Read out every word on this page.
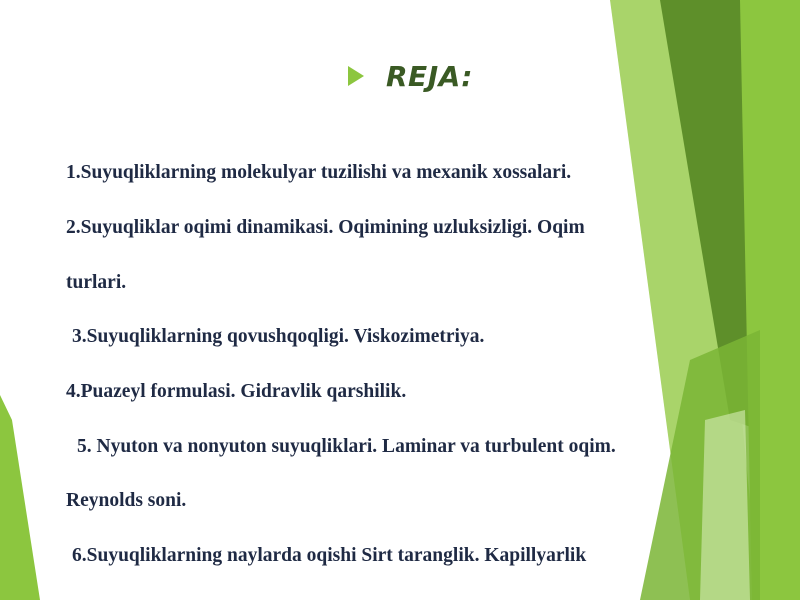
REJA:
1.Suyuqliklarning molekulyar tuzilishi va mexanik xossalari.
2.Suyuqliklar oqimi dinamikasi. Oqimining uzluksizligi. Oqim
turlari.
3.Suyuqliklarning qovushqoqligi. Viskozimetriya.
4.Puazeyl formulasi. Gidravlik qarshilik.
5. Nyuton va nonyuton suyuqliklari. Laminar va turbulent oqim.
Reynolds soni.
6.Suyuqliklarning naylarda oqishi Sirt taranglik. Kapillyarlik
